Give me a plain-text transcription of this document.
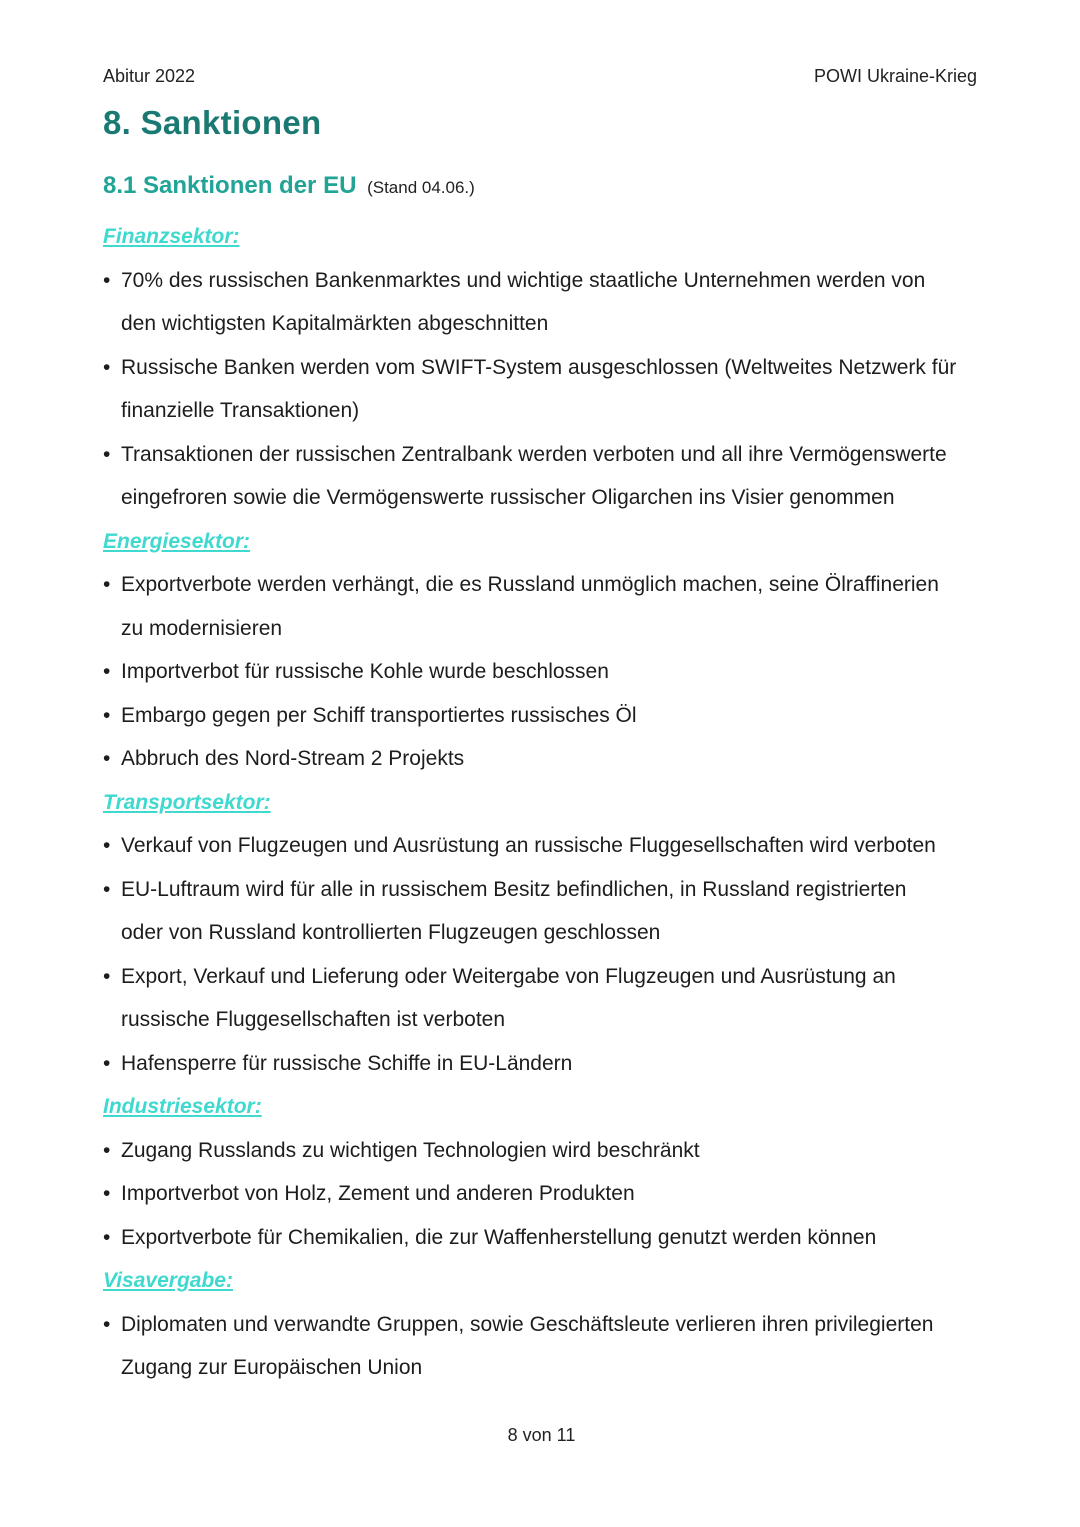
Abitur 2022	POWI Ukraine-Krieg
8. Sanktionen
8.1 Sanktionen der EU (Stand 04.06.)
Finanzsektor:
• 70% des russischen Bankenmarktes und wichtige staatliche Unternehmen werden von
den wichtigsten Kapitalmärkten abgeschnitten
• Russische Banken werden vom SWIFT-System ausgeschlossen (Weltweites Netzwerk für
finanzielle Transaktionen)
• Transaktionen der russischen Zentralbank werden verboten und all ihre Vermögenswerte
eingefroren sowie die Vermögenswerte russischer Oligarchen ins Visier genommen
Energiesektor:
• Exportverbote werden verhängt, die es Russland unmöglich machen, seine Ölraffinerien
zu modernisieren
• Importverbot für russische Kohle wurde beschlossen
• Embargo gegen per Schiff transportiertes russisches Öl
• Abbruch des Nord-Stream 2 Projekts
Transportsektor:
• Verkauf von Flugzeugen und Ausrüstung an russische Fluggesellschaften wird verboten
• EU-Luftraum wird für alle in russischem Besitz befindlichen, in Russland registrierten
oder von Russland kontrollierten Flugzeugen geschlossen
• Export, Verkauf und Lieferung oder Weitergabe von Flugzeugen und Ausrüstung an
russische Fluggesellschaften ist verboten
• Hafensperre für russische Schiffe in EU-Ländern
Industriesektor:
• Zugang Russlands zu wichtigen Technologien wird beschränkt
• Importverbot von Holz, Zement und anderen Produkten
• Exportverbote für Chemikalien, die zur Waffenherstellung genutzt werden können
Visavergabe:
• Diplomaten und verwandte Gruppen, sowie Geschäftsleute verlieren ihren privilegierten
Zugang zur Europäischen Union
8 von 11
